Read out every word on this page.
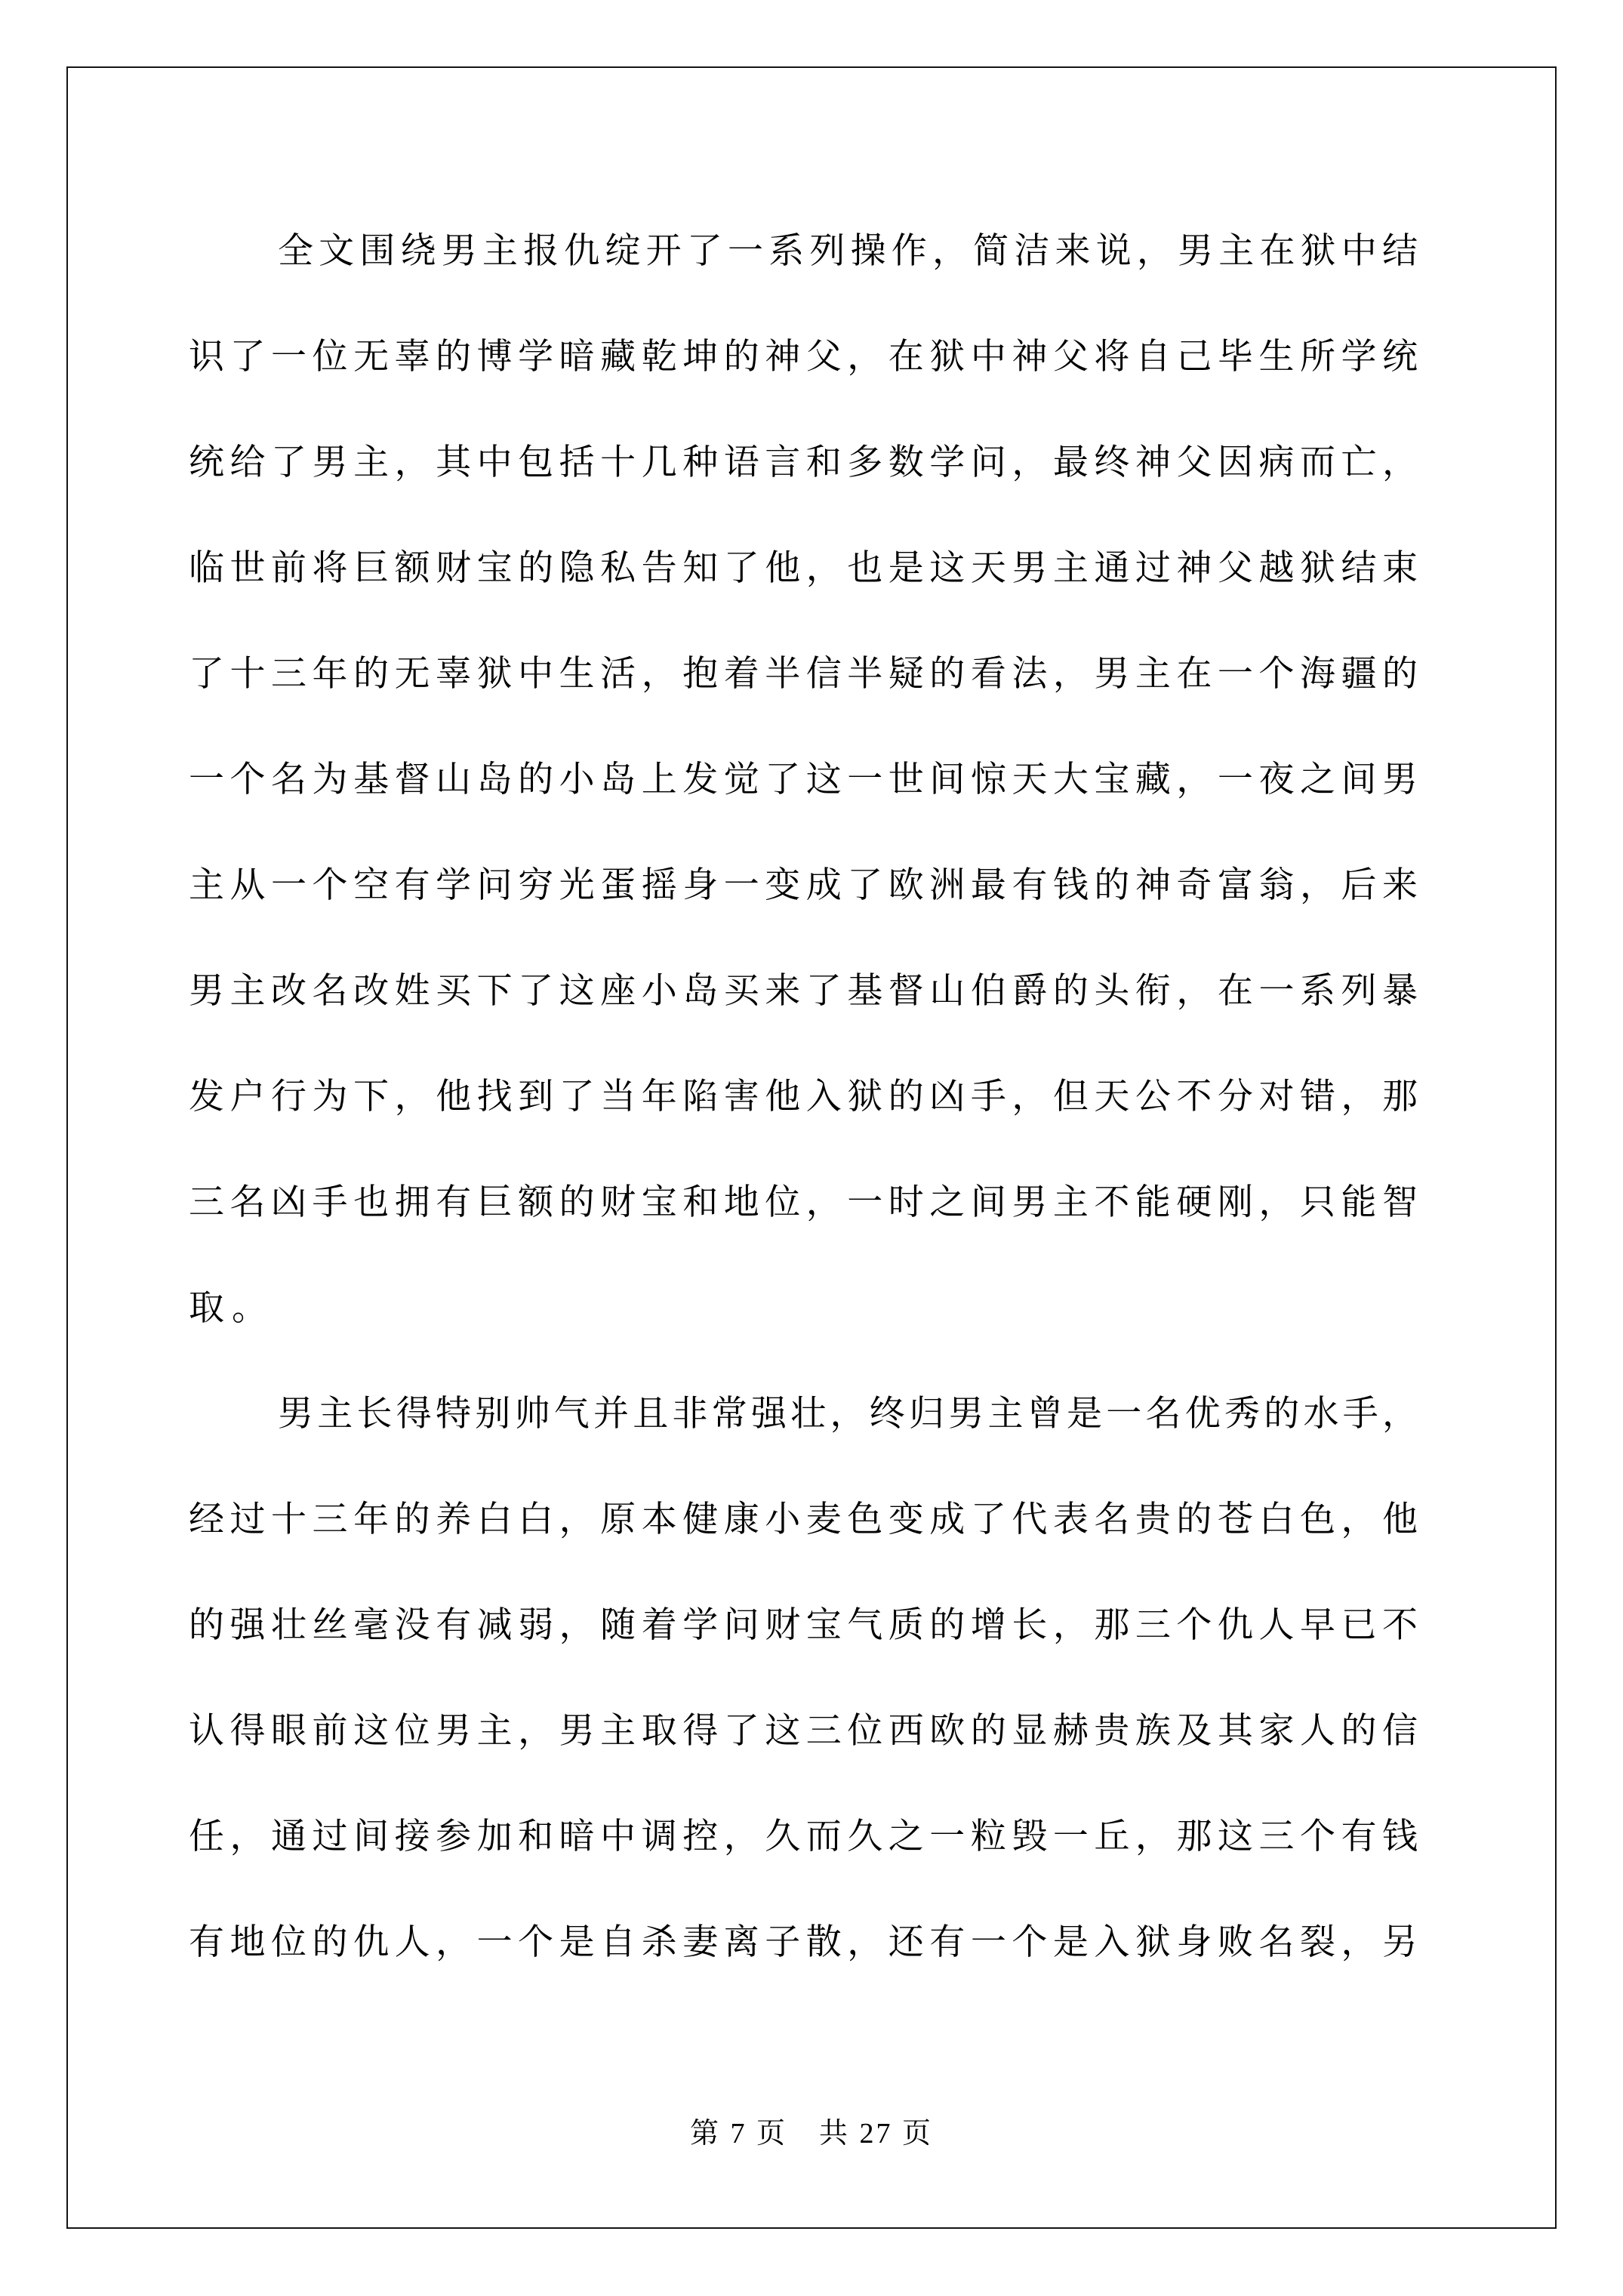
全文围绕男主报仇绽开了一系列操作，简洁来说，男主在狱中结
识了一位无辜的博学暗藏乾坤的神父，在狱中神父将自己毕生所学统
统给了男主，其中包括十几种语言和多数学问，最终神父因病而亡，
临世前将巨额财宝的隐私告知了他，也是这天男主通过神父越狱结束
了十三年的无辜狱中生活，抱着半信半疑的看法，男主在一个海疆的
一个名为基督山岛的小岛上发觉了这一世间惊天大宝藏，一夜之间男
主从一个空有学问穷光蛋摇身一变成了欧洲最有钱的神奇富翁，后来
男主改名改姓买下了这座小岛买来了基督山伯爵的头衔，在一系列暴
发户行为下，他找到了当年陷害他入狱的凶手，但天公不分对错，那
三名凶手也拥有巨额的财宝和地位，一时之间男主不能硬刚，只能智
取。
男主长得特别帅气并且非常强壮，终归男主曾是一名优秀的水手，
经过十三年的养白白，原本健康小麦色变成了代表名贵的苍白色，他
的强壮丝毫没有减弱，随着学问财宝气质的增长，那三个仇人早已不
认得眼前这位男主，男主取得了这三位西欧的显赫贵族及其家人的信
任，通过间接参加和暗中调控，久而久之一粒毁一丘，那这三个有钱
有地位的仇人，一个是自杀妻离子散，还有一个是入狱身败名裂，另
第 7 页 共 27 页
